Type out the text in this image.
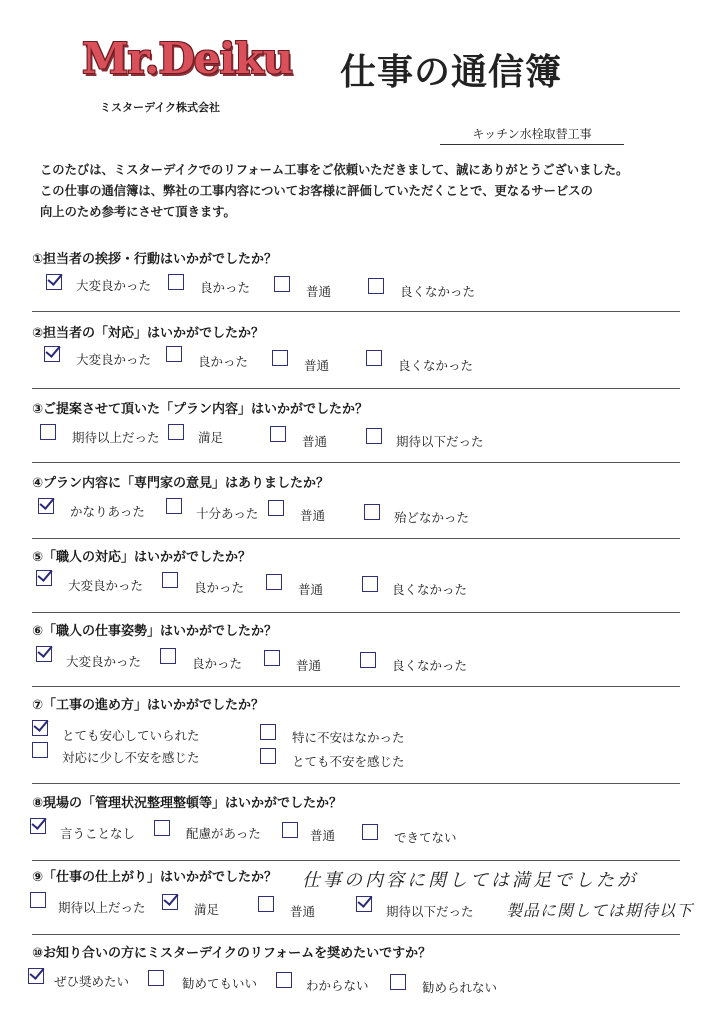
Mr.Deiku	仕事の通信簿
ミスターデイク株式会社
キッチン水栓取替工事
このたびは、ミスターデイクでのリフォーム工事をご依頼いただきまして、誠にありがとうございました。
この仕事の通信簿は、弊社の工事内容についてお客様に評価していただくことで、更なるサービスの
向上のため参考にさせて頂きます。
①担当者の挨拶・行動はいかがでしたか？
大変良かった	良かった	普通	良くなかった
②担当者の「対応」はいかがでしたか？
大変良かった	良かった	普通	良くなかった
③ご提案させて頂いた「プラン内容」はいかがでしたか？
期待以上だった	満足	普通	期待以下だった
④プラン内容に「専門家の意見」はありましたか？
かなりあった	十分あった	普通	殆どなかった
⑤「職人の対応」はいかがでしたか？
大変良かった	良かった	普通	良くなかった
⑥「職人の仕事姿勢」はいかがでしたか？
大変良かった	良かった	普通	良くなかった
⑦「工事の進め方」はいかがでしたか？
とても安心していられた	特に不安はなかった
対応に少し不安を感じた	とても不安を感じた
⑧現場の「管理状況整理整頓等」はいかがでしたか？
言うことなし	配慮があった	普通	できてない
⑨「仕事の仕上がり」はいかがでしたか？ 仕事の内容に関しては満足でしたが
期待以上だった	満足	普通	期待以下だった 製品に関しては期待以下
⑩お知り合いの方にミスターデイクのリフォームを奨めたいですか？
ぜひ奨めたい	勧めてもいい	わからない	勧められない
